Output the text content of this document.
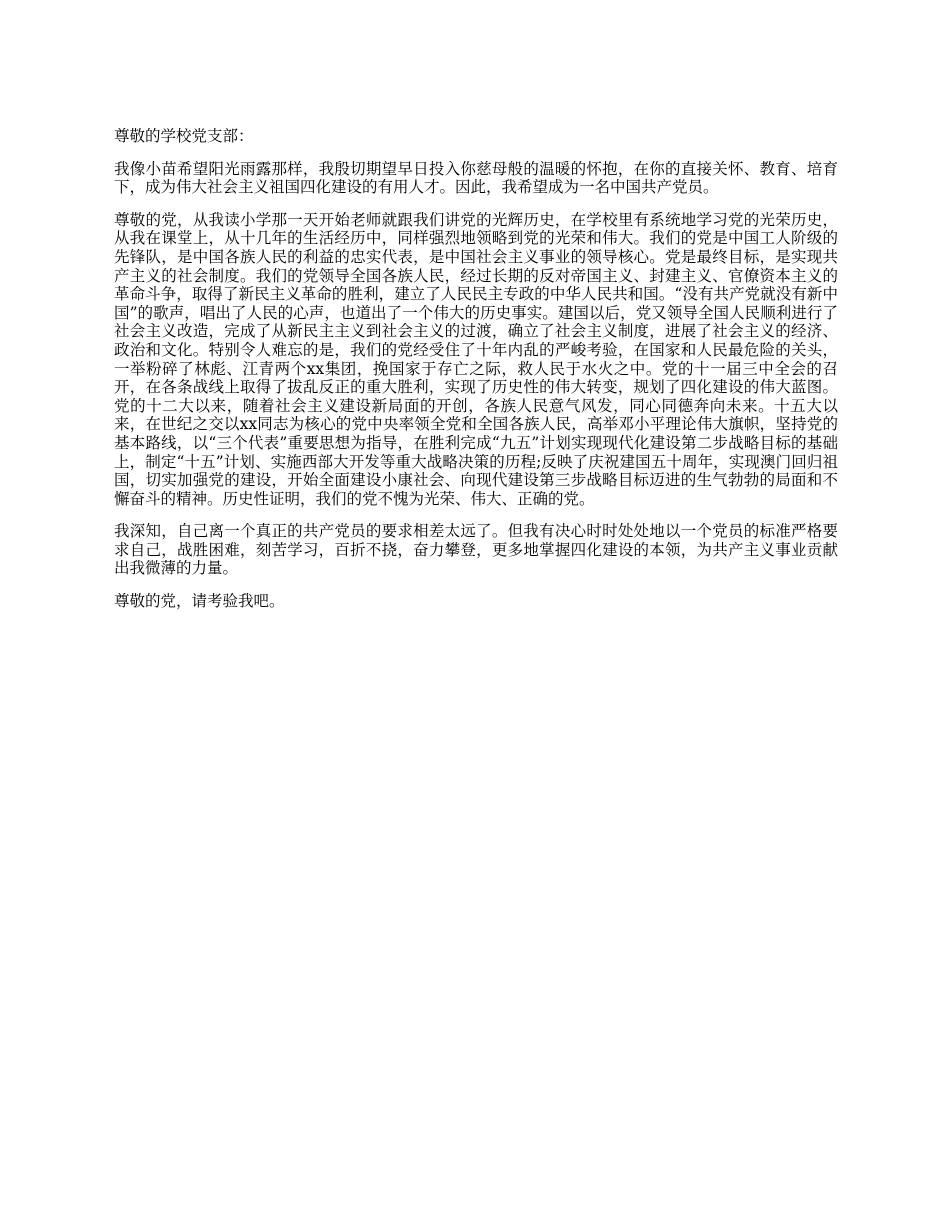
尊敬的学校党支部：

我像小苗希望阳光雨露那样，我殷切期望早日投入你慈母般的温暖的怀抱，在你的直接关怀、教育、培育下，成为伟大社会主义祖国四化建设的有用人才。因此，我希望成为一名中国共产党员。

尊敬的党，从我读小学那一天开始老师就跟我们讲党的光辉历史，在学校里有系统地学习党的光荣历史，从我在课堂上，从十几年的生活经历中，同样强烈地领略到党的光荣和伟大。我们的党是中国工人阶级的先锋队，是中国各族人民的利益的忠实代表，是中国社会主义事业的领导核心。党是最终目标，是实现共产主义的社会制度。我们的党领导全国各族人民，经过长期的反对帝国主义、封建主义、官僚资本主义的革命斗争，取得了新民主义革命的胜利，建立了人民民主专政的中华人民共和国。“没有共产党就没有新中国”的歌声，唱出了人民的心声，也道出了一个伟大的历史事实。建国以后，党又领导全国人民顺利进行了社会主义改造，完成了从新民主主义到社会主义的过渡，确立了社会主义制度，进展了社会主义的经济、政治和文化。特别令人难忘的是，我们的党经受住了十年内乱的严峻考验，在国家和人民最危险的关头，一举粉碎了林彪、江青两个xx集团，挽国家于存亡之际，救人民于水火之中。党的十一届三中全会的召开，在各条战线上取得了拔乱反正的重大胜利，实现了历史性的伟大转变，规划了四化建设的伟大蓝图。党的十二大以来，随着社会主义建设新局面的开创，各族人民意气风发，同心同德奔向未来。十五大以来，在世纪之交以xx同志为核心的党中央率领全党和全国各族人民，高举邓小平理论伟大旗帜，坚持党的基本路线，以“三个代表”重要思想为指导，在胜利完成“九五”计划实现现代化建设第二步战略目标的基础上，制定“十五”计划、实施西部大开发等重大战略决策的历程;反映了庆祝建国五十周年，实现澳门回归祖国，切实加强党的建设，开始全面建设小康社会、向现代建设第三步战略目标迈进的生气勃勃的局面和不懈奋斗的精神。历史性证明，我们的党不愧为光荣、伟大、正确的党。

我深知，自己离一个真正的共产党员的要求相差太远了。但我有决心时时处处地以一个党员的标准严格要求自己，战胜困难，刻苦学习，百折不挠，奋力攀登，更多地掌握四化建设的本领，为共产主义事业贡献出我微薄的力量。

尊敬的党，请考验我吧。
